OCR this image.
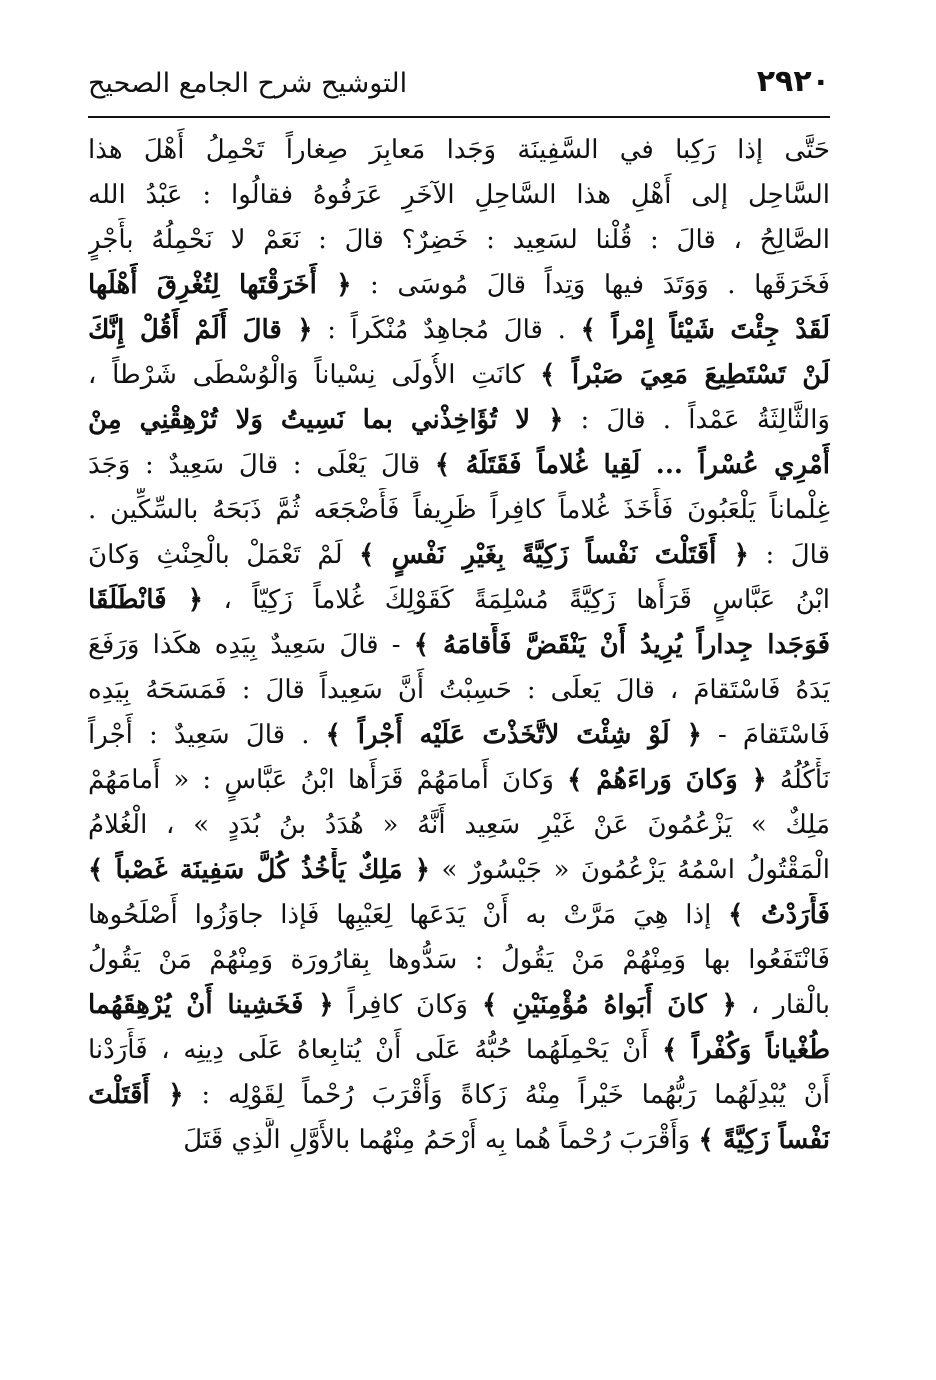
٢٩٢٠
التوشيح شرح الجامع الصحيح
حَتَّى إذا رَكِبا في السَّفِينَة وَجَدا مَعابِرَ صِغاراً تَحْمِلُ أَهْلَ هذا
السَّاحِل إلى أَهْلِ هذا السَّاحِلِ الآخَرِ عَرَفُوهُ فقالُوا : عَبْدُ الله
الصَّالِحُ ، قالَ : قُلْنا لسَعِيد : خَضِرٌ؟ قالَ : نَعَمْ لا نَحْمِلُهُ بأَجْرٍ
فَخَرَقَها . وَوَتَدَ فيها وَتِداً قالَ مُوسَى : ﴿ أَخَرَقْتَها لِتُغْرِقَ أَهْلَها
لَقَدْ جِئْتَ شَيْئاً إِمْراً ﴾ . قالَ مُجاهِدٌ مُنْكَراً : ﴿ قالَ أَلَمْ أَقُلْ إِنَّكَ
لَنْ تَسْتَطِيعَ مَعِيَ صَبْراً ﴾ كانَتِ الأُولَى نِسْياناً وَالْوُسْطَى شَرْطاً ،
وَالثَّالِثَةُ عَمْداً . قالَ : ﴿ لا تُؤَاخِذْني بما نَسِيتُ وَلا تُرْهِقْنِي مِنْ
أَمْرِي عُسْراً ... لَقِيا غُلاماً فَقَتَلَهُ ﴾ قالَ يَعْلَى : قالَ سَعِيدٌ : وَجَدَ
غِلْماناً يَلْعَبُونَ فَأَخَذَ غُلاماً كافِراً ظَرِيفاً فَأَضْجَعَه ثُمَّ ذَبَحَهُ بالسِّكِّين .
قالَ : ﴿ أَقَتَلْتَ نَفْساً زَكِيَّةً بِغَيْرِ نَفْسٍ ﴾ لَمْ تَعْمَلْ بالْحِنْثِ وَكانَ
ابْنُ عَبَّاسٍ قَرَأَها زَكِيَّةً مُسْلِمَةً كَقَوْلِكَ غُلاماً زَكِيّاً ، ﴿ فَانْطَلَقَا
فَوَجَدا جِداراً يُرِيدُ أَنْ يَنْقَضَّ فَأَقامَهُ ﴾ - قالَ سَعِيدٌ بِيَدِه هكَذا وَرَفَعَ
يَدَهُ فَاسْتَقامَ ، قالَ يَعلَى : حَسِبْتُ أَنَّ سَعِيداً قالَ : فَمَسَحَهُ بِيَدِه
فَاسْتَقامَ - ﴿ لَوْ شِئْتَ لاتَّخَذْتَ عَلَيْه أَجْراً ﴾ . قالَ سَعِيدٌ : أَجْراً
نَأْكُلُهُ ﴿ وَكانَ وَراءَهُمْ ﴾ وَكانَ أَمامَهُمْ قَرَأَها ابْنُ عَبَّاسٍ : « أَمامَهُمْ
مَلِكٌ » يَزْعُمُونَ عَنْ غَيْرِ سَعِيد أَنَّهُ « هُدَدُ بنُ بُدَدٍ » ، الْغُلامُ
الْمَقْتُولُ اسْمُهُ يَزْعُمُونَ « جَيْسُورٌ » ﴿ مَلِكٌ يَأْخُذُ كُلَّ سَفِينَة غَصْباً ﴾
فَأَرَدْتُ ﴾ إذا هِيَ مَرَّتْ به أَنْ يَدَعَها لِعَيْبِها فَإذا جاوَزُوا أَصْلَحُوها
فَانْتَفَعُوا بها وَمِنْهُمْ مَنْ يَقُولُ : سَدُّوها بِقارُورَة وَمِنْهُمْ مَنْ يَقُولُ
بالْقار ، ﴿ كانَ أَبَواهُ مُؤْمِنَيْنِ ﴾ وَكانَ كافِراً ﴿ فَخَشِينا أَنْ يُرْهِقَهُما
طُغْياناً وَكُفْراً ﴾ أَنْ يَحْمِلَهُما حُبُّهُ عَلَى أَنْ يُتابِعاهُ عَلَى دِينِه ، فَأَرَدْنا
أَنْ يُبْدِلَهُما رَبُّهُما خَيْراً مِنْهُ زَكاةً وَأَقْرَبَ رُحْماً لِقَوْلِه : ﴿ أَقَتَلْتَ
نَفْساً زَكِيَّةً ﴾ وَأَقْرَبَ رُحْماً هُما بِه أَرْحَمُ مِنْهُما بالأَوَّلِ الَّذِي قَتَلَ
